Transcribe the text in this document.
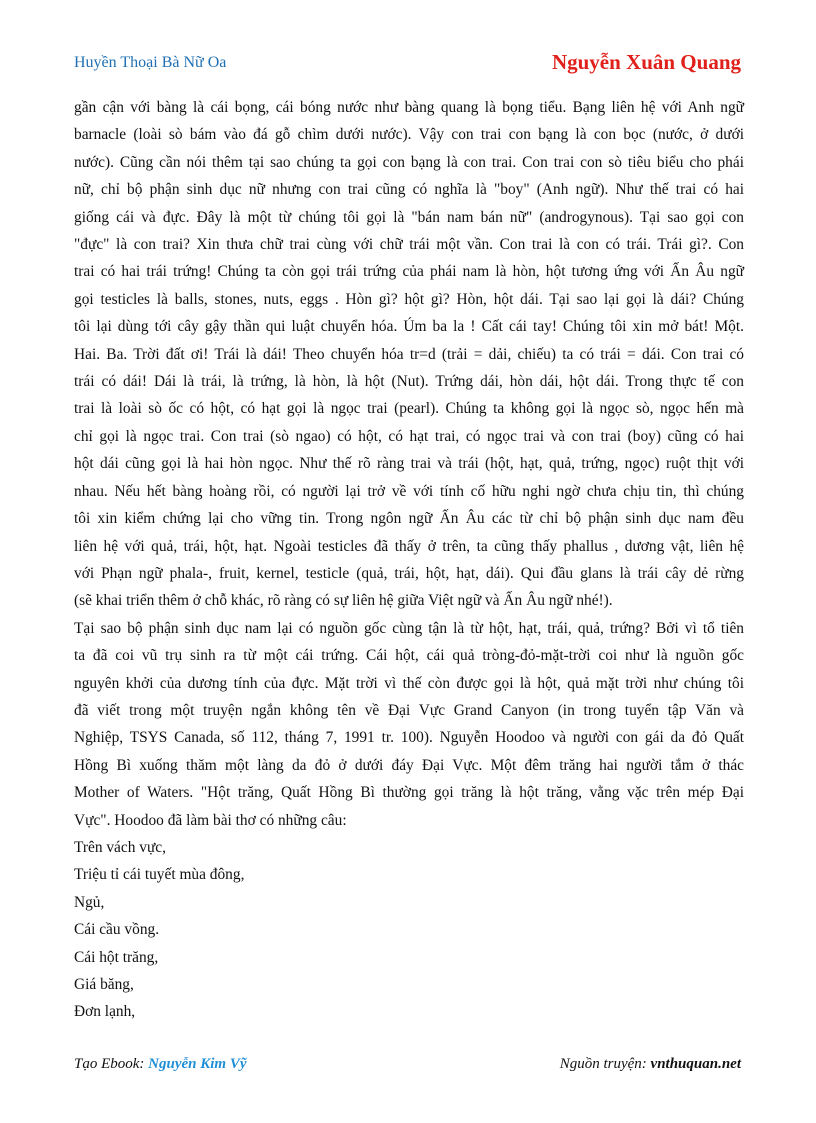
Huyền Thoại Bà Nữ Oa	Nguyễn Xuân Quang
gần cận với bàng là cái bọng, cái bóng nước như bàng quang là bọng tiểu. Bạng liên hệ với Anh ngữ
barnacle (loài sò bám vào đá gỗ chìm dưới nước). Vậy con trai con bạng là con bọc (nước, ở dưới
nước). Cũng cần nói thêm tại sao chúng ta gọi con bạng là con trai. Con trai con sò tiêu biểu cho phái
nữ, chỉ bộ phận sinh dục nữ nhưng con trai cũng có nghĩa là "boy" (Anh ngữ). Như thế trai có hai
giống cái và đực. Đây là một từ chúng tôi gọi là "bán nam bán nữ" (androgynous). Tại sao gọi con
"đực" là con trai? Xin thưa chữ trai cùng với chữ trái một vần. Con trai là con có trái. Trái gì?. Con
trai có hai trái trứng! Chúng ta còn gọi trái trứng của phái nam là hòn, hột tương ứng với Ấn Âu ngữ
gọi testicles là balls, stones, nuts, eggs . Hòn gì? hột gì? Hòn, hột dái. Tại sao lại gọi là dái? Chúng
tôi lại dùng tới cây gậy thần qui luật chuyển hóa. Úm ba la ! Cất cái tay! Chúng tôi xin mở bát! Một.
Hai. Ba. Trời đất ơi! Trái là dái! Theo chuyển hóa tr=d (trải = dải, chiếu) ta có trái = dái. Con trai có
trái có dái! Dái là trái, là trứng, là hòn, là hột (Nut). Trứng dái, hòn dái, hột dái. Trong thực tế con
trai là loài sò ốc có hột, có hạt gọi là ngọc trai (pearl). Chúng ta không gọi là ngọc sò, ngọc hến mà
chỉ gọi là ngọc trai. Con trai (sò ngao) có hột, có hạt trai, có ngọc trai và con trai (boy) cũng có hai
hột dái cũng gọi là hai hòn ngọc. Như thế rõ ràng trai và trái (hột, hạt, quả, trứng, ngọc) ruột thịt với
nhau. Nếu hết bàng hoàng rồi, có người lại trở về với tính cố hữu nghi ngờ chưa chịu tin, thì chúng
tôi xin kiểm chứng lại cho vững tin. Trong ngôn ngữ Ấn Âu các từ chỉ bộ phận sinh dục nam đều
liên hệ với quả, trái, hột, hạt. Ngoài testicles đã thấy ở trên, ta cũng thấy phallus , dương vật, liên hệ
với Phạn ngữ phala-, fruit, kernel, testicle (quả, trái, hột, hạt, dái). Qui đầu glans là trái cây dẻ rừng
(sẽ khai triển thêm ở chỗ khác, rõ ràng có sự liên hệ giữa Việt ngữ và Ấn Âu ngữ nhé!).
Tại sao bộ phận sinh dục nam lại có nguồn gốc cùng tận là từ hột, hạt, trái, quả, trứng? Bởi vì tổ tiên
ta đã coi vũ trụ sinh ra từ một cái trứng. Cái hột, cái quả tròng-đỏ-mặt-trời coi như là nguồn gốc
nguyên khởi của dương tính của đực. Mặt trời vì thế còn được gọi là hột, quả mặt trời như chúng tôi
đã viết trong một truyện ngắn không tên về Đại Vực Grand Canyon (in trong tuyển tập Văn và
Nghiệp, TSYS Canada, số 112, tháng 7, 1991 tr. 100). Nguyễn Hoodoo và người con gái da đỏ Quất
Hồng Bì xuống thăm một làng da đỏ ở dưới đáy Đại Vực. Một đêm trăng hai người tắm ở thác
Mother of Waters. "Hột trăng, Quất Hồng Bì thường gọi trăng là hột trăng, vằng vặc trên mép Đại
Vực". Hoodoo đã làm bài thơ có những câu:
Trên vách vực,
Triệu tỉ cái tuyết mùa đông,
Ngủ,
Cái cầu vồng.
Cái hột trăng,
Giá băng,
Đơn lạnh,
Tạo Ebook: Nguyễn Kim Vỹ	Nguồn truyện: vnthuquan.net
